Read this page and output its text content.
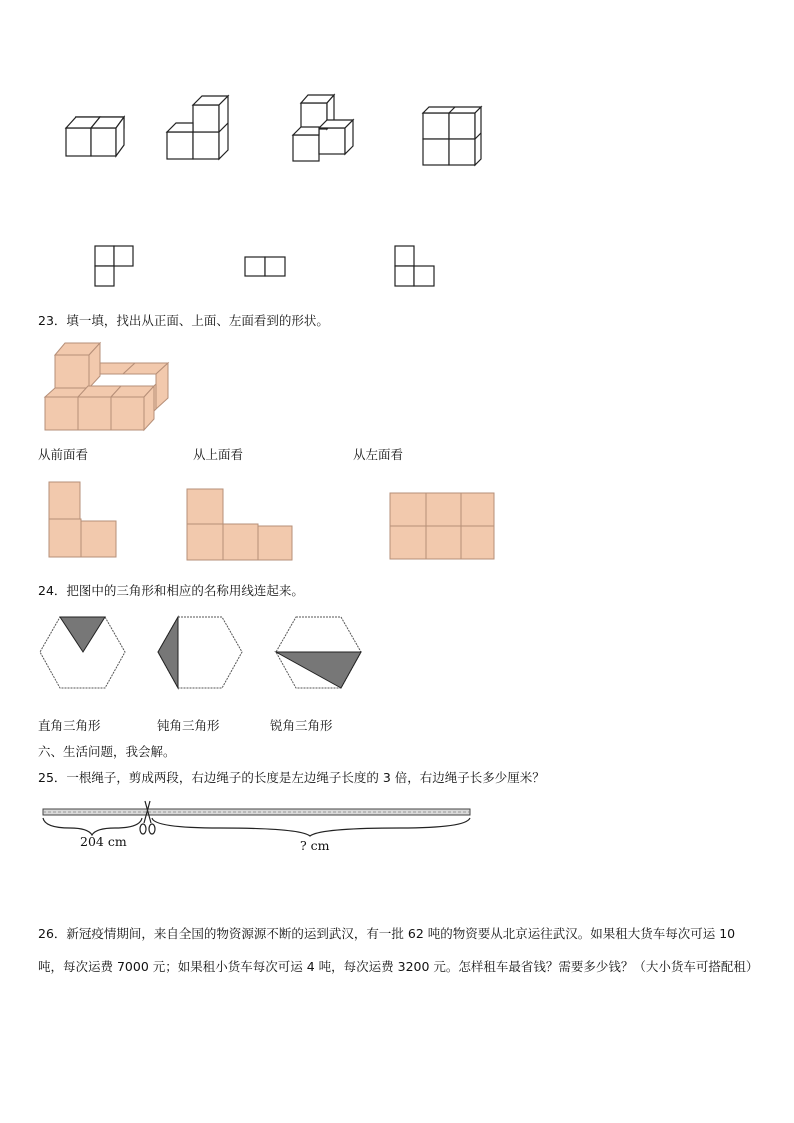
23．填一填，找出从正面、上面、左面看到的形状。
从前面看	从上面看	从左面看
24．把图中的三角形和相应的名称用线连起来。
直角三角形	钝角三角形	锐角三角形
六、生活问题，我会解。
25．一根绳子，剪成两段，右边绳子的长度是左边绳子长度的 3 倍，右边绳子长多少厘米？
204 cm	? cm
26．新冠疫情期间，来自全国的物资源源不断的运到武汉，有一批 62 吨的物资要从北京运往武汉。如果租大货车每次可运 10 吨，每次运费 7000 元；如果租小货车每次可运 4 吨，每次运费 3200 元。怎样租车最省钱？需要多少钱？（大小货车可搭配租）
